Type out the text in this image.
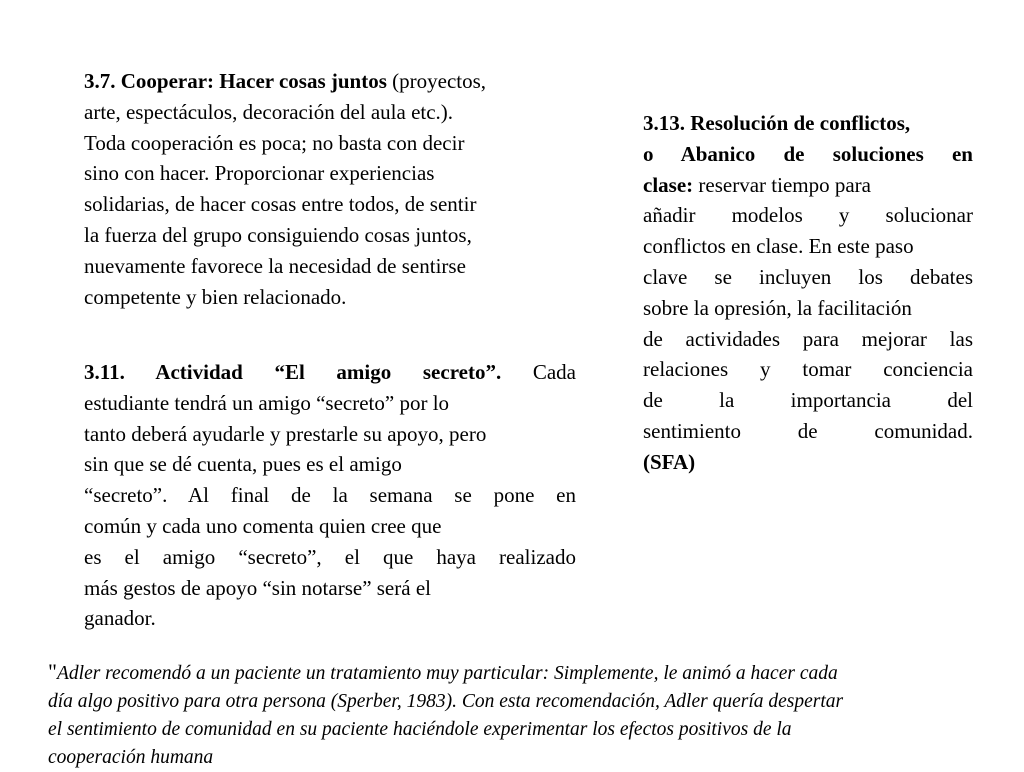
3.7. Cooperar: Hacer cosas juntos (proyectos,
arte, espectáculos, decoración del aula etc.).
Toda cooperación es poca; no basta con decir
sino con hacer. Proporcionar experiencias
solidarias, de hacer cosas entre todos, de sentir
la fuerza del grupo consiguiendo cosas juntos,
nuevamente favorece la necesidad de sentirse
competente y bien relacionado.
3.11. Actividad “El amigo secreto”. Cada
estudiante tendrá un amigo “secreto” por lo
tanto deberá ayudarle y prestarle su apoyo, pero
sin que se dé cuenta, pues es el amigo
“secreto”. Al final de la semana se pone en
común y cada uno comenta quien cree que
es el amigo “secreto”, el que haya realizado
más gestos de apoyo “sin notarse” será el
ganador.
3.13. Resolución de conflictos,
o Abanico de soluciones en
clase: reservar tiempo para
añadir modelos y solucionar
conflictos en clase. En este paso
clave se incluyen los debates
sobre la opresión, la facilitación
de actividades para mejorar las
relaciones y tomar conciencia
de la importancia del
sentimiento de comunidad.
(SFA)
"Adler recomendó a un paciente un tratamiento muy particular: Simplemente, le animó a hacer cada
día algo positivo para otra persona (Sperber, 1983). Con esta recomendación, Adler quería despertar
el sentimiento de comunidad en su paciente haciéndole experimentar los efectos positivos de la
cooperación humana
